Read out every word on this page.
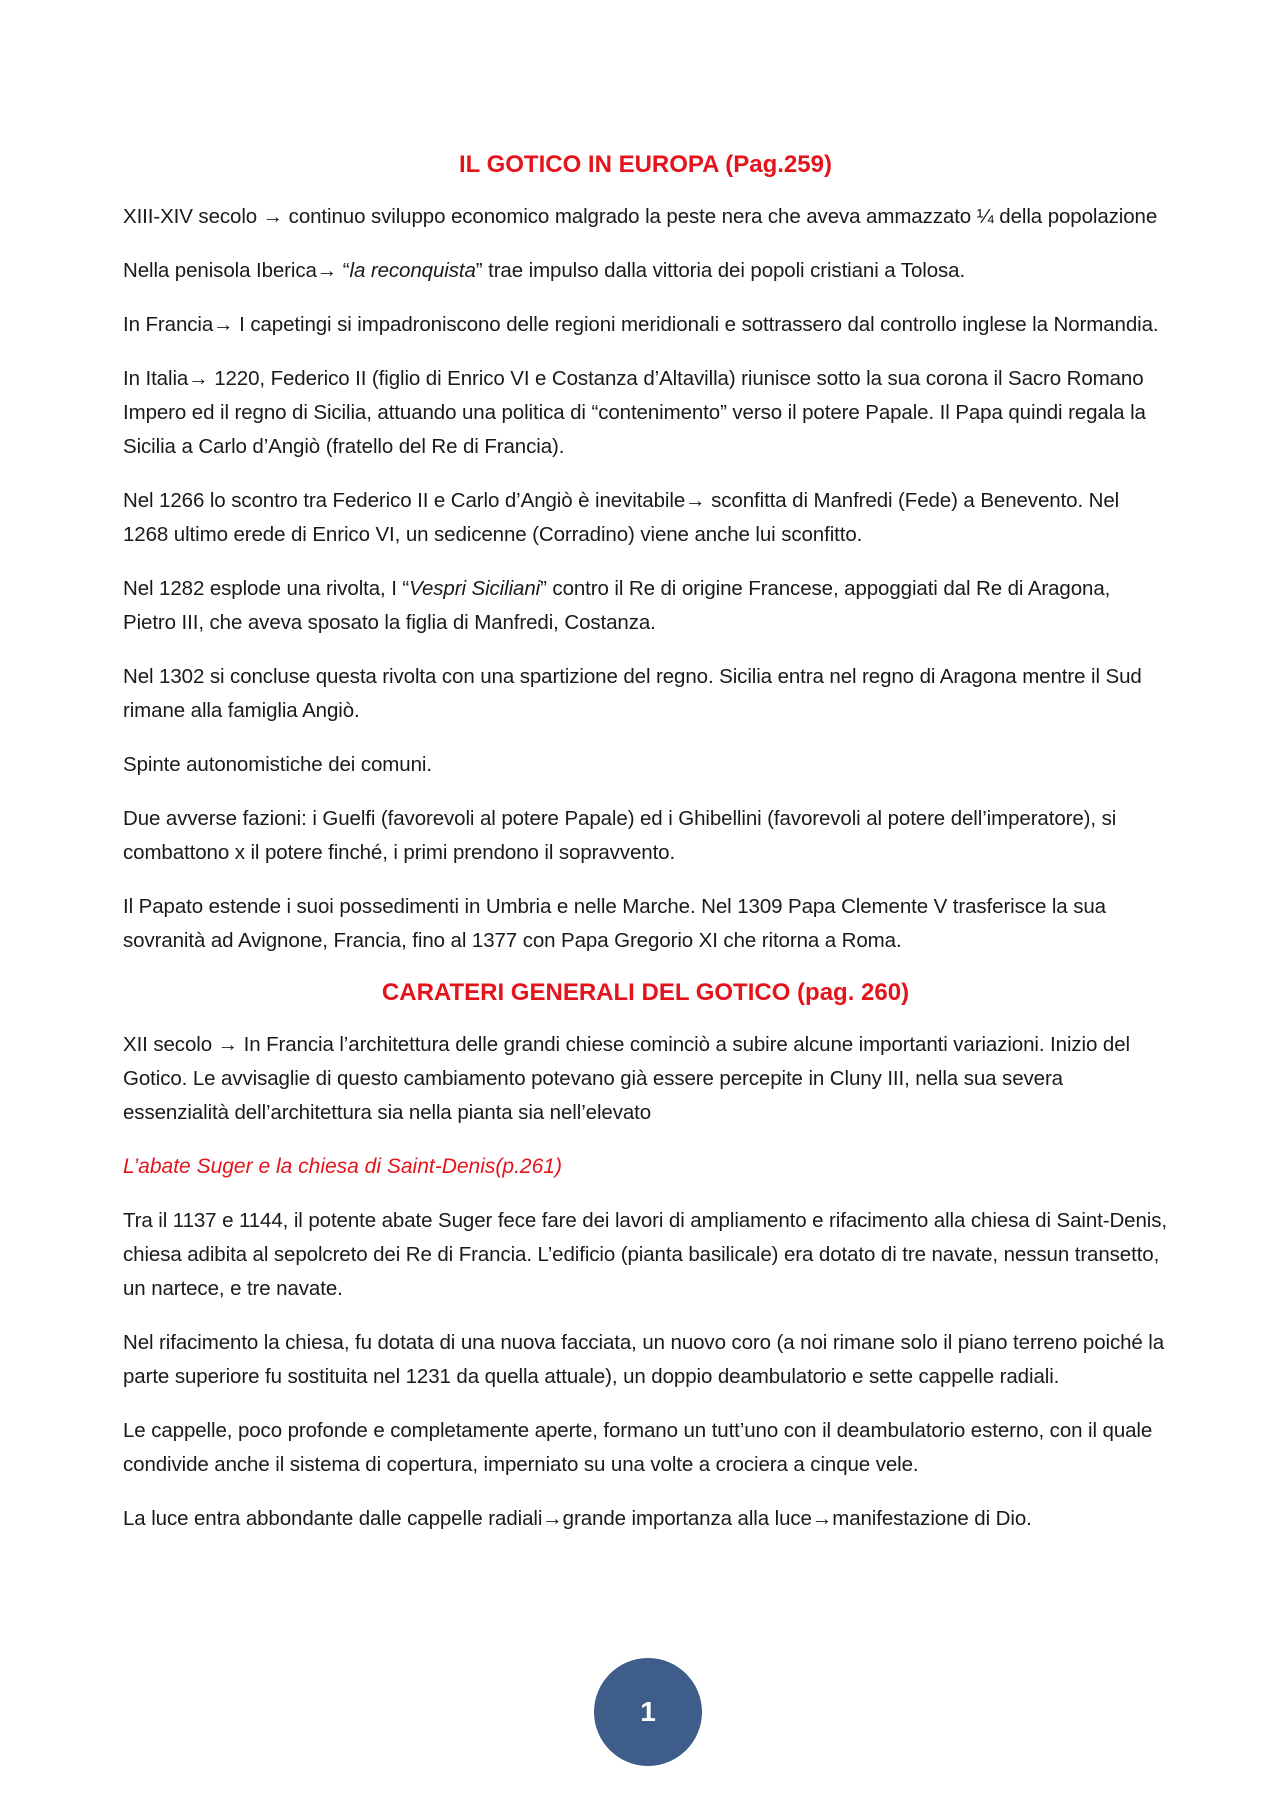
IL GOTICO IN EUROPA (Pag.259)

XIII-XIV secolo → continuo sviluppo economico malgrado la peste nera che aveva ammazzato ¼ della popolazione

Nella penisola Iberica→ “la reconquista” trae impulso dalla vittoria dei popoli cristiani a Tolosa.

In Francia→ I capetingi si impadroniscono delle regioni meridionali e sottrassero dal controllo inglese la Normandia.

In Italia→ 1220, Federico II (figlio di Enrico VI e Costanza d’Altavilla) riunisce sotto la sua corona il Sacro Romano Impero ed il regno di Sicilia, attuando una politica di “contenimento” verso il potere Papale. Il Papa quindi regala la Sicilia a Carlo d’Angiò (fratello del Re di Francia).

Nel 1266 lo scontro tra Federico II e Carlo d’Angiò è inevitabile→ sconfitta di Manfredi (Fede) a Benevento. Nel 1268 ultimo erede di Enrico VI, un sedicenne (Corradino) viene anche lui sconfitto.

Nel 1282 esplode una rivolta, I “Vespri Siciliani” contro il Re di origine Francese, appoggiati dal Re di Aragona, Pietro III, che aveva sposato la figlia di Manfredi, Costanza.

Nel 1302 si concluse questa rivolta con una spartizione del regno. Sicilia entra nel regno di Aragona mentre il Sud rimane alla famiglia Angiò.

Spinte autonomistiche dei comuni.

Due avverse fazioni: i Guelfi (favorevoli al potere Papale) ed i Ghibellini (favorevoli al potere dell’imperatore), si combattono x il potere finché, i primi prendono il sopravvento.

Il Papato estende i suoi possedimenti in Umbria e nelle Marche. Nel 1309 Papa Clemente V trasferisce la sua sovranità ad Avignone, Francia, fino al 1377 con Papa Gregorio XI che ritorna a Roma.

CARATERI GENERALI DEL GOTICO (pag. 260)

XII secolo → In Francia l’architettura delle grandi chiese cominciò a subire alcune importanti variazioni. Inizio del Gotico. Le avvisaglie di questo cambiamento potevano già essere percepite in Cluny III, nella sua severa essenzialità dell’architettura sia nella pianta sia nell’elevato

L’abate Suger e la chiesa di Saint-Denis(p.261)

Tra il 1137 e 1144, il potente abate Suger fece fare dei lavori di ampliamento e rifacimento alla chiesa di Saint-Denis, chiesa adibita al sepolcreto dei Re di Francia. L’edificio (pianta basilicale) era dotato di tre navate, nessun transetto, un nartece, e tre navate.

Nel rifacimento la chiesa, fu dotata di una nuova facciata, un nuovo coro (a noi rimane solo il piano terreno poiché la parte superiore fu sostituita nel 1231 da quella attuale), un doppio deambulatorio e sette cappelle radiali.

Le cappelle, poco profonde e completamente aperte, formano un tutt’uno con il deambulatorio esterno, con il quale condivide anche il sistema di copertura, imperniato su una volte a crociera a cinque vele.

La luce entra abbondante dalle cappelle radiali→grande importanza alla luce→manifestazione di Dio.

1
